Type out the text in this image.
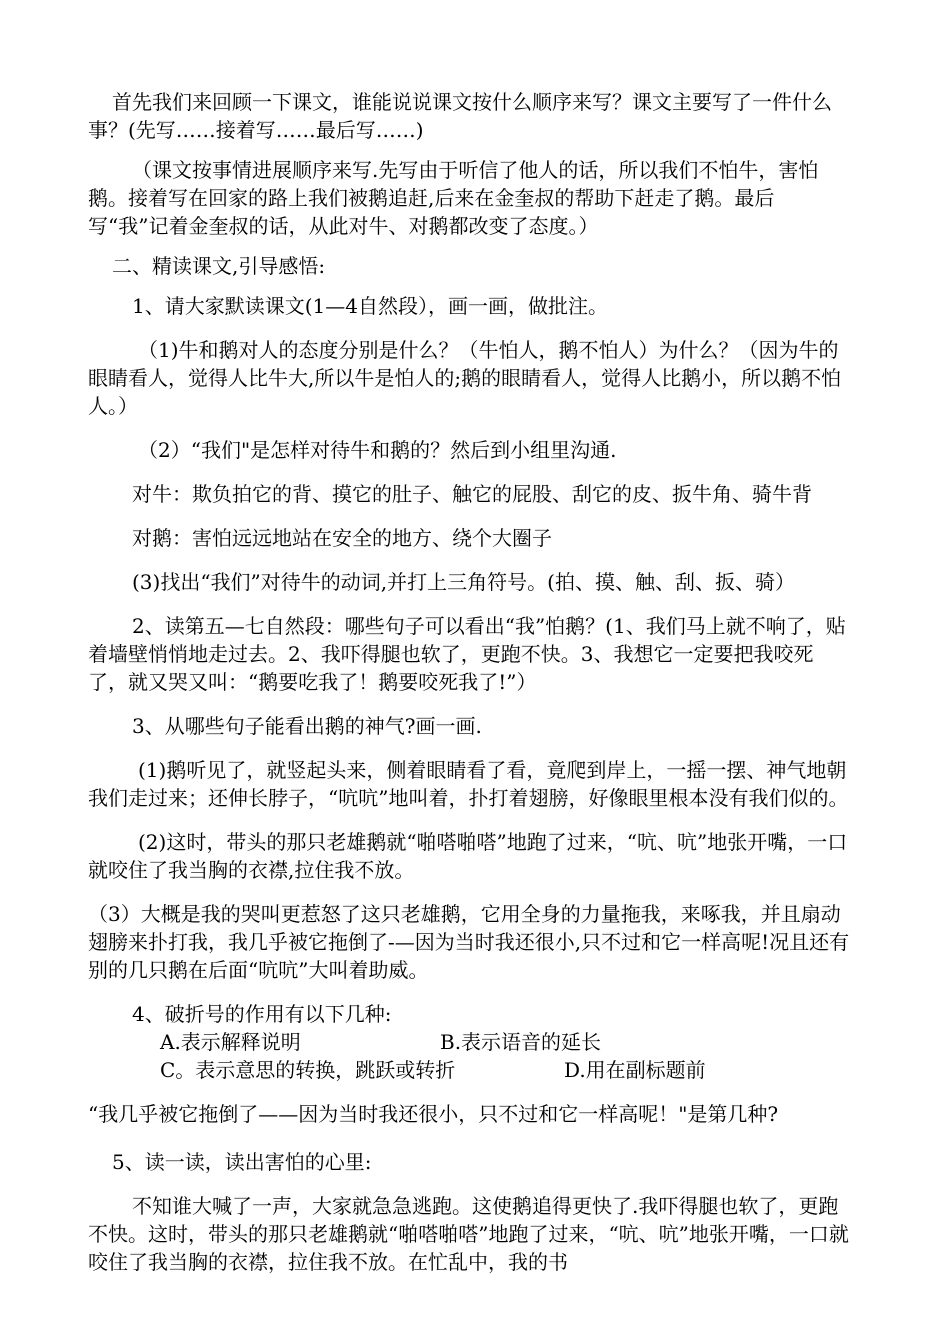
首先我们来回顾一下课文，谁能说说课文按什么顺序来写？课文主要写了一件什么事？(先写……接着写……最后写……)

（课文按事情进展顺序来写.先写由于听信了他人的话，所以我们不怕牛，害怕鹅。接着写在回家的路上我们被鹅追赶,后来在金奎叔的帮助下赶走了鹅。最后写“我”记着金奎叔的话，从此对牛、对鹅都改变了态度。）

二、精读课文,引导感悟:

1、请大家默读课文(1—4自然段），画一画，做批注。

（1)牛和鹅对人的态度分别是什么？（牛怕人，鹅不怕人）为什么？（因为牛的眼睛看人，觉得人比牛大,所以牛是怕人的;鹅的眼睛看人，觉得人比鹅小，所以鹅不怕人。）

（2）“我们"是怎样对待牛和鹅的？然后到小组里沟通.

对牛：欺负拍它的背、摸它的肚子、触它的屁股、刮它的皮、扳牛角、骑牛背

对鹅：害怕远远地站在安全的地方、绕个大圈子

(3)找出“我们”对待牛的动词,并打上三角符号。(拍、摸、触、刮、扳、骑）

2、读第五—七自然段：哪些句子可以看出“我”怕鹅？(1、我们马上就不响了，贴着墙壁悄悄地走过去。2、我吓得腿也软了，更跑不快。3、我想它一定要把我咬死了，就又哭又叫：“鹅要吃我了！鹅要咬死我了!”）

3、从哪些句子能看出鹅的神气?画一画.

(1)鹅听见了，就竖起头来，侧着眼睛看了看，竟爬到岸上，一摇一摆、神气地朝我们走过来；还伸长脖子，“吭吭”地叫着，扑打着翅膀，好像眼里根本没有我们似的。

(2)这时，带头的那只老雄鹅就“啪嗒啪嗒”地跑了过来，“吭、吭”地张开嘴，一口就咬住了我当胸的衣襟,拉住我不放。

（3）大概是我的哭叫更惹怒了这只老雄鹅，它用全身的力量拖我，来啄我，并且扇动翅膀来扑打我，我几乎被它拖倒了-—因为当时我还很小,只不过和它一样高呢!况且还有别的几只鹅在后面“吭吭”大叫着助威。

4、破折号的作用有以下几种:

A.表示解释说明	B.表示语音的延长
C。表示意思的转换，跳跃或转折	D.用在副标题前

“我几乎被它拖倒了——因为当时我还很小，只不过和它一样高呢！"是第几种?

5、读一读，读出害怕的心里:

不知谁大喊了一声，大家就急急逃跑。这使鹅追得更快了.我吓得腿也软了，更跑不快。这时，带头的那只老雄鹅就“啪嗒啪嗒”地跑了过来，“吭、吭”地张开嘴，一口就咬住了我当胸的衣襟，拉住我不放。在忙乱中，我的书
